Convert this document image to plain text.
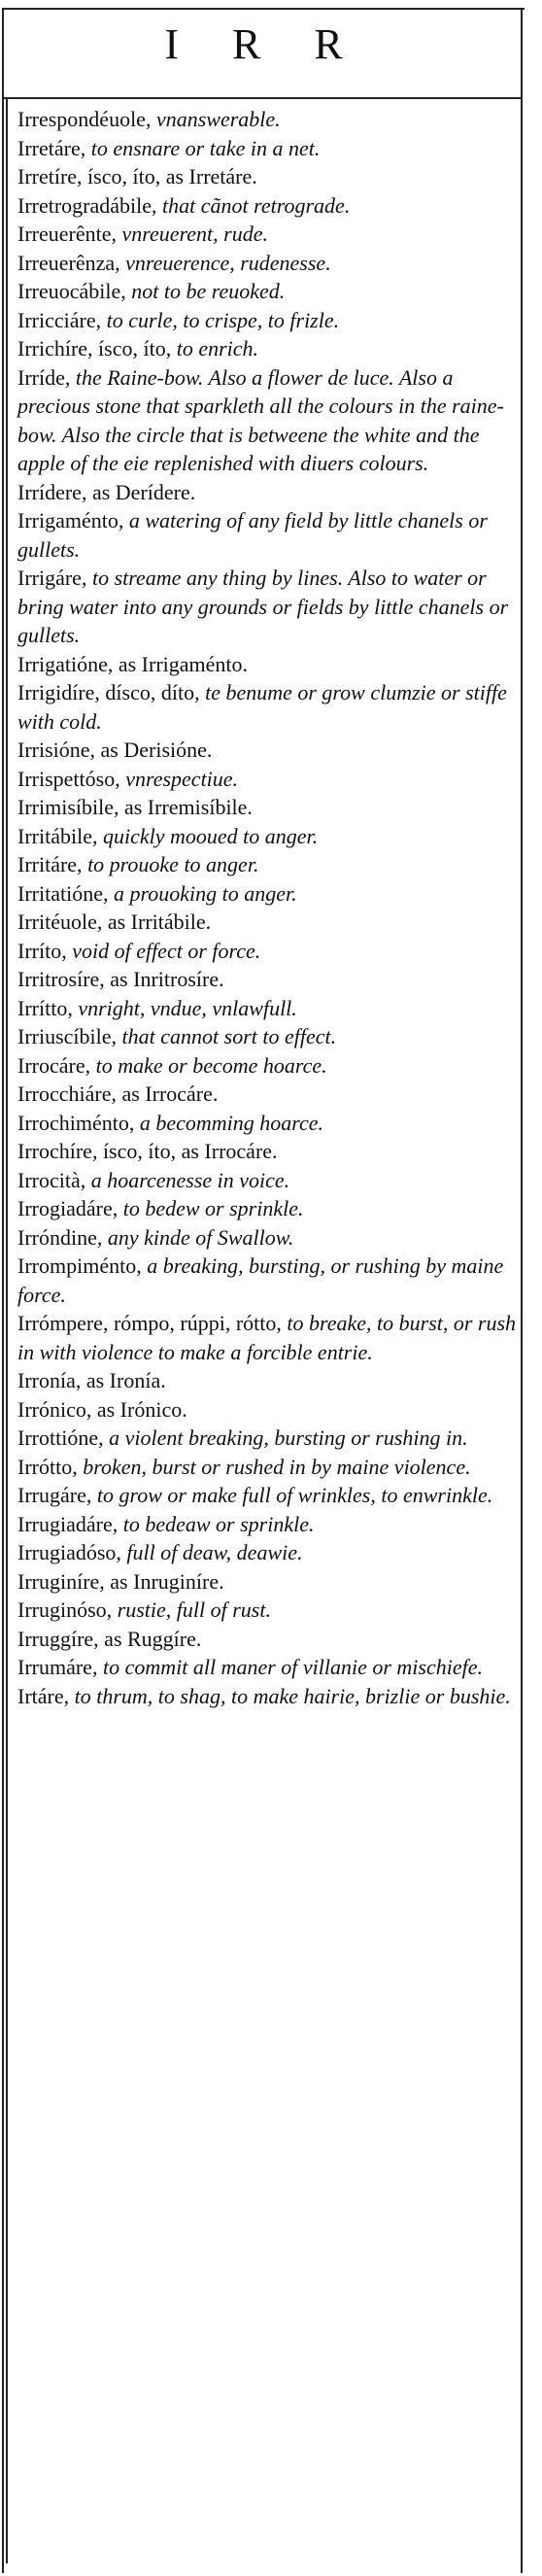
I R R
Irrespondéuole, vnanswerable.
Irretáre, to ensnare or take in a net.
Irretíre, ísco, íto, as Irretáre.
Irretrogradábile, that cãnot retrograde.
Irreuerênte, vnreuerent, rude.
Irreuerênza, vnreuerence, rudenesse.
Irreuocábile, not to be reuoked.
Irricciáre, to curle, to crispe, to frizle.
Irrichíre, ísco, íto, to enrich.
Irríde, the Raine-bow. Also a flower de luce. Also a precious stone that sparkleth all the colours in the raine-bow. Also the circle that is betweene the white and the apple of the eie replenished with diuers colours.
Irrídere, as Derídere.
Irrigaménto, a watering of any field by little chanels or gullets.
Irrigáre, to streame any thing by lines. Also to water or bring water into any grounds or fields by little chanels or gullets.
Irrigatióne, as Irrigaménto.
Irrigidíre, dísco, díto, te benume or grow clumzie or stiffe with cold.
Irrisióne, as Derisióne.
Irrispettóso, vnrespectiue.
Irrimisíbile, as Irremisíbile.
Irritábile, quickly mooued to anger.
Irritáre, to prouoke to anger.
Irritatióne, a prouoking to anger.
Irritéuole, as Irritábile.
Irríto, void of effect or force.
Irritrosíre, as Inritrosíre.
Irrítto, vnright, vndue, vnlawfull.
Irriuscíbile, that cannot sort to effect.
Irrocáre, to make or become hoarce.
Irrocchiáre, as Irrocáre.
Irrochiménto, a becomming hoarce.
Irrochíre, ísco, íto, as Irrocáre.
Irrocità, a hoarcenesse in voice.
Irrogiadáre, to bedew or sprinkle.
Irróndine, any kinde of Swallow.
Irrompiménto, a breaking, bursting, or rushing by maine force.
Irrómpere, rómpo, rúppi, rótto, to breake, to burst, or rush in with violence to make a forcible entrie.
Irronía, as Ironía.
Irrónico, as Irónico.
Irrottióne, a violent breaking, bursting or rushing in.
Irrótto, broken, burst or rushed in by maine violence.
Irrugáre, to grow or make full of wrinkles, to enwrinkle.
Irrugiadáre, to bedeaw or sprinkle.
Irrugiadóso, full of deaw, deawie.
Irruginíre, as Inruginíre.
Irruginóso, rustie, full of rust.
Irruggíre, as Ruggíre.
Irrumáre, to commit all maner of villanie or mischiefe.
Irtáre, to thrum, to shag, to make hairie, brizlie or bushie.
